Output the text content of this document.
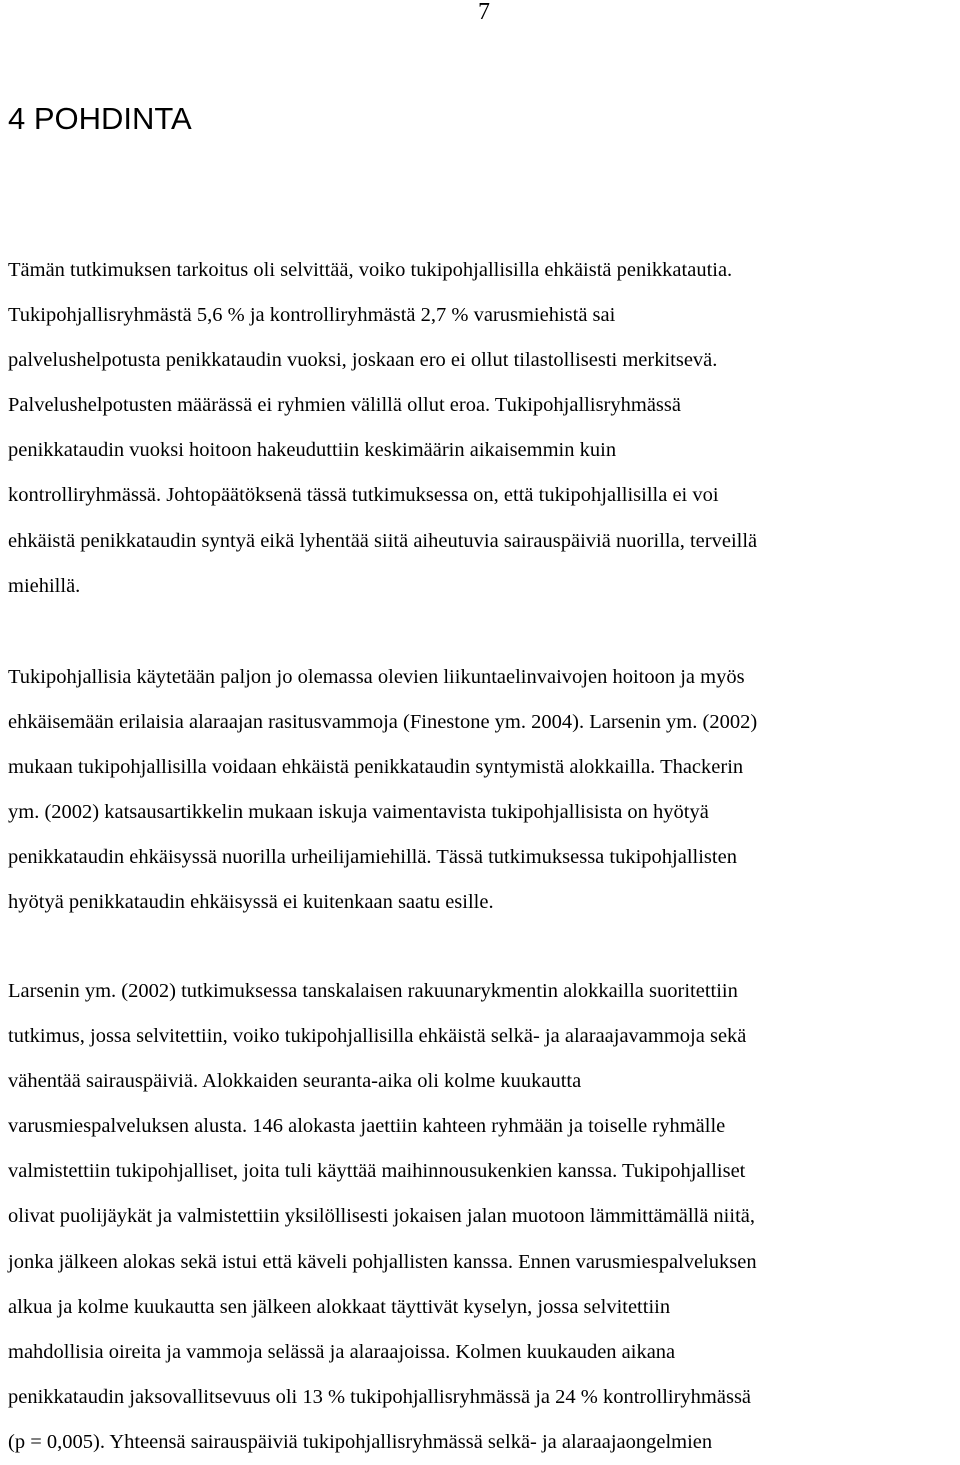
7
4 POHDINTA
Tämän tutkimuksen tarkoitus oli selvittää, voiko tukipohjallisilla ehkäistä penikkatautia.
Tukipohjallisryhmästä 5,6 % ja kontrolliryhmästä 2,7 % varusmiehistä sai
palvelushelpotusta penikkataudin vuoksi, joskaan ero ei ollut tilastollisesti merkitsevä.
Palvelushelpotusten määrässä ei ryhmien välillä ollut eroa. Tukipohjallisryhmässä
penikkataudin vuoksi hoitoon hakeuduttiin keskimäärin aikaisemmin kuin
kontrolliryhmässä. Johtopäätöksenä tässä tutkimuksessa on, että tukipohjallisilla ei voi
ehkäistä penikkataudin syntyä eikä lyhentää siitä aiheutuvia sairauspäiviä nuorilla, terveillä
miehillä.
Tukipohjallisia käytetään paljon jo olemassa olevien liikuntaelinvaivojen hoitoon ja myös
ehkäisemään erilaisia alaraajan rasitusvammoja (Finestone ym. 2004). Larsenin ym. (2002)
mukaan tukipohjallisilla voidaan ehkäistä penikkataudin syntymistä alokkailla. Thackerin
ym. (2002) katsausartikkelin mukaan iskuja vaimentavista tukipohjallisista on hyötyä
penikkataudin ehkäisyssä nuorilla urheilijamiehillä. Tässä tutkimuksessa tukipohjallisten
hyötyä penikkataudin ehkäisyssä ei kuitenkaan saatu esille.
Larsenin ym. (2002) tutkimuksessa tanskalaisen rakuunarykmentin alokkailla suoritettiin
tutkimus, jossa selvitettiin, voiko tukipohjallisilla ehkäistä selkä- ja alaraajavammoja sekä
vähentää sairauspäiviä. Alokkaiden seuranta-aika oli kolme kuukautta
varusmiespalveluksen alusta. 146 alokasta jaettiin kahteen ryhmään ja toiselle ryhmälle
valmistettiin tukipohjalliset, joita tuli käyttää maihinnousukenkien kanssa. Tukipohjalliset
olivat puolijäykät ja valmistettiin yksilöllisesti jokaisen jalan muotoon lämmittämällä niitä,
jonka jälkeen alokas sekä istui että käveli pohjallisten kanssa. Ennen varusmiespalveluksen
alkua ja kolme kuukautta sen jälkeen alokkaat täyttivät kyselyn, jossa selvitettiin
mahdollisia oireita ja vammoja selässä ja alaraajoissa. Kolmen kuukauden aikana
penikkataudin jaksovallitsevuus oli 13 % tukipohjallisryhmässä ja 24 % kontrolliryhmässä
(p = 0,005). Yhteensä sairauspäiviä tukipohjallisryhmässä selkä- ja alaraajaongelmien
